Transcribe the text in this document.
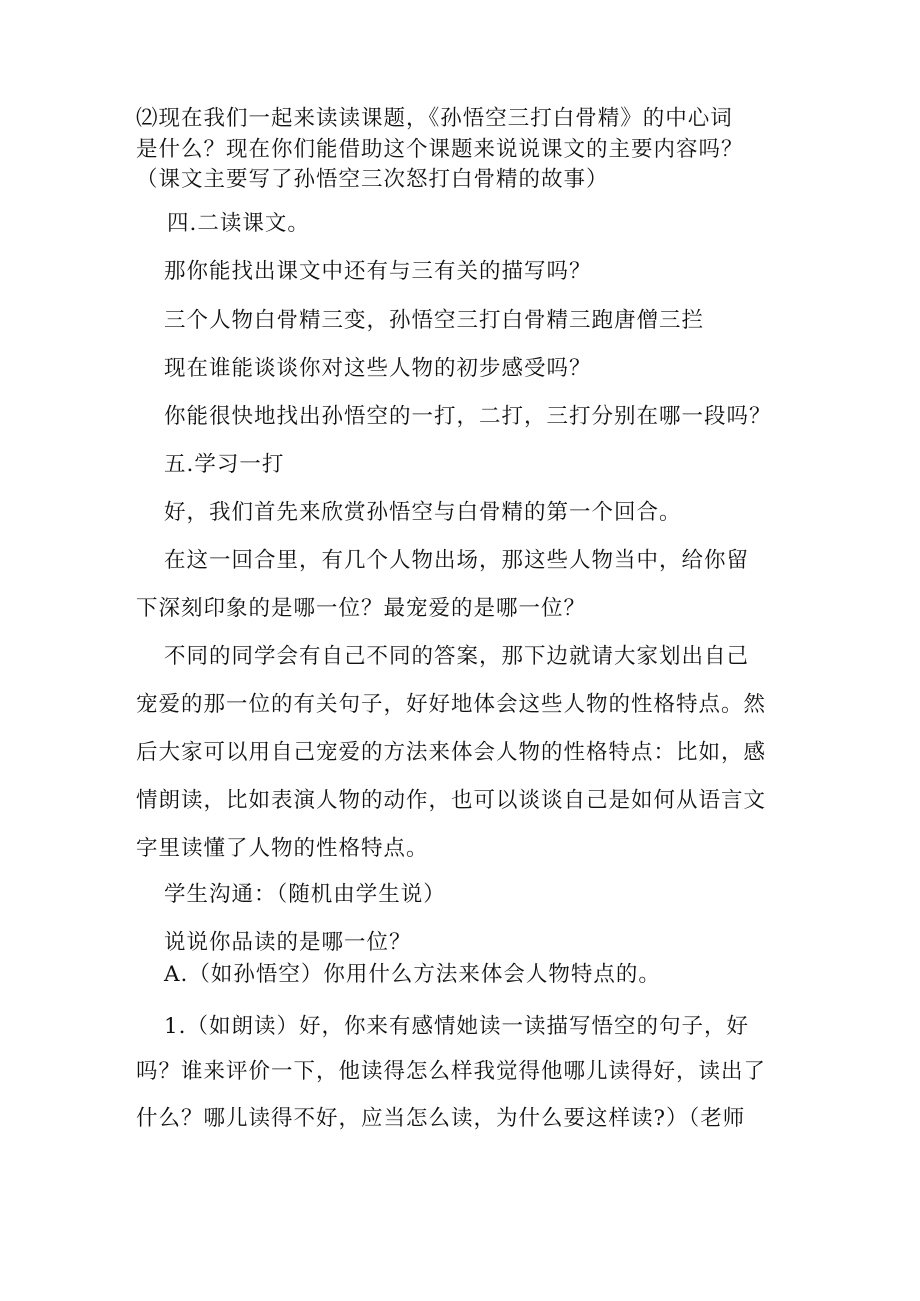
⑵现在我们一起来读读课题，《孙悟空三打白骨精》的中心词
是什么？现在你们能借助这个课题来说说课文的主要内容吗？
（课文主要写了孙悟空三次怒打白骨精的故事）
四.二读课文。
那你能找出课文中还有与三有关的描写吗？
三个人物白骨精三变，孙悟空三打白骨精三跑唐僧三拦
现在谁能谈谈你对这些人物的初步感受吗？
你能很快地找出孙悟空的一打，二打，三打分别在哪一段吗？
五.学习一打
好，我们首先来欣赏孙悟空与白骨精的第一个回合。
在这一回合里，有几个人物出场，那这些人物当中，给你留
下深刻印象的是哪一位？最宠爱的是哪一位？
不同的同学会有自己不同的答案，那下边就请大家划出自己
宠爱的那一位的有关句子，好好地体会这些人物的性格特点。然
后大家可以用自己宠爱的方法来体会人物的性格特点：比如，感
情朗读，比如表演人物的动作，也可以谈谈自己是如何从语言文
字里读懂了人物的性格特点。
学生沟通：（随机由学生说）
说说你品读的是哪一位？
A.（如孙悟空）你用什么方法来体会人物特点的。
1.（如朗读）好，你来有感情她读一读描写悟空的句子，好
吗？谁来评价一下，他读得怎么样我觉得他哪儿读得好，读出了
什么？哪儿读得不好，应当怎么读，为什么要这样读?）（老师
